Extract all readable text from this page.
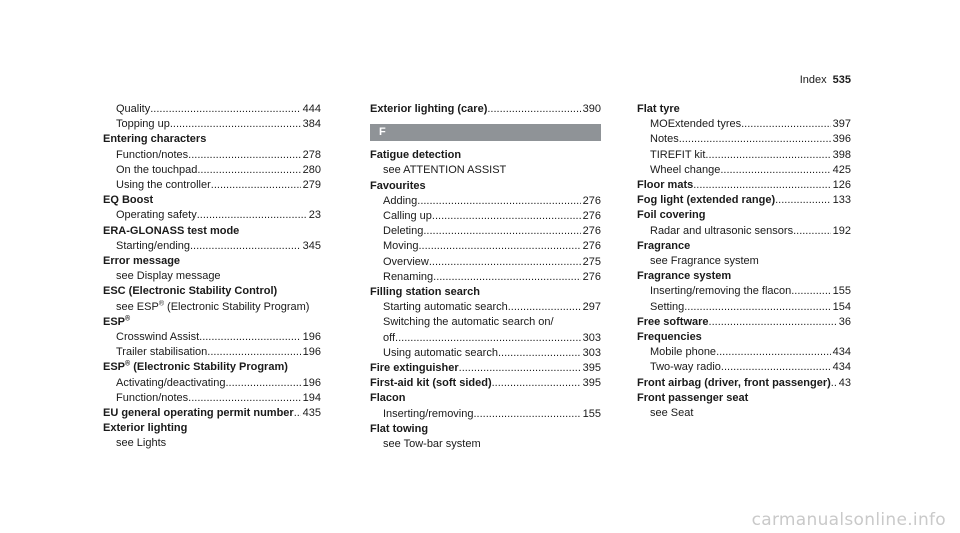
Index 535
Quality .....	444
Topping up .....	384
Entering characters
Function/notes .....	278
On the touchpad .....	280
Using the controller .....	279
EQ Boost
Operating safety .....	23
ERA-GLONASS test mode
Starting/ending .....	345
Error message
see Display message
ESC (Electronic Stability Control)
see ESP® (Electronic Stability Program)
ESP®
Crosswind Assist .....	196
Trailer stabilisation .....	196
ESP® (Electronic Stability Program)
Activating/deactivating .....	196
Function/notes .....	194
EU general operating permit number ..... 435
Exterior lighting
see Lights
Exterior lighting (care) .....	390
F
Fatigue detection
see ATTENTION ASSIST
Favourites
Adding .....	276
Calling up .....	276
Deleting .....	276
Moving .....	276
Overview .....	275
Renaming .....	276
Filling station search
Starting automatic search .....	297
Switching the automatic search on/
off .....	303
Using automatic search .....	303
Fire extinguisher .....	395
First-aid kit (soft sided) .....	395
Flacon
Inserting/removing .....	155
Flat towing
see Tow-bar system
Flat tyre
MOExtended tyres .....	397
Notes .....	396
TIREFIT kit .....	398
Wheel change .....	425
Floor mats .....	126
Fog light (extended range) .....	133
Foil covering
Radar and ultrasonic sensors .....	192
Fragrance
see Fragrance system
Fragrance system
Inserting/removing the flacon .....	155
Setting .....	154
Free software .....	36
Frequencies
Mobile phone .....	434
Two-way radio .....	434
Front airbag (driver, front passenger) ..... 43
Front passenger seat
see Seat
carmanualsonline.info
